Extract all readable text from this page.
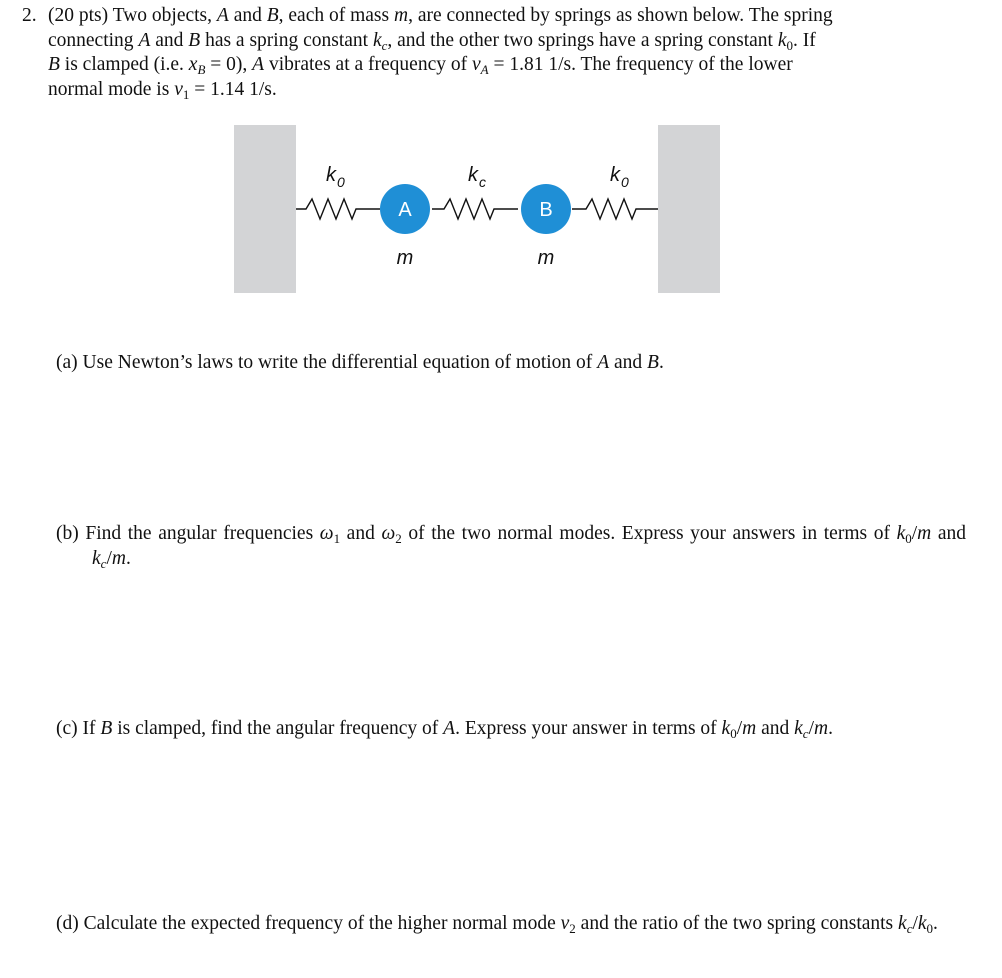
2. (20 pts) Two objects, A and B, each of mass m, are connected by springs as shown below. The spring

connecting A and B has a spring constant $k_c$, and the other two springs have a spring constant $k_0$. If

B is clamped (i.e. $x_B = 0$), A vibrates at a frequency of $\nu_A = 1.81$ 1/s. The frequency of the lower

normal mode is $\nu_1 = 1.14$ 1/s.

A	B
m	m
k 0	k c	k 0
(a) Use Newton’s laws to write the differential equation of motion of A and B.
(b) Find the angular frequencies $\omega_1$ and $\omega_2$ of the two normal modes. Express your answers in terms of $k_0/m$ and $k_c/m$.
(c) If B is clamped, find the angular frequency of A. Express your answer in terms of $k_0/m$ and $k_c/m$.
(d) Calculate the expected frequency of the higher normal mode $\nu_2$ and the ratio of the two spring constants $k_c/k_0$.
